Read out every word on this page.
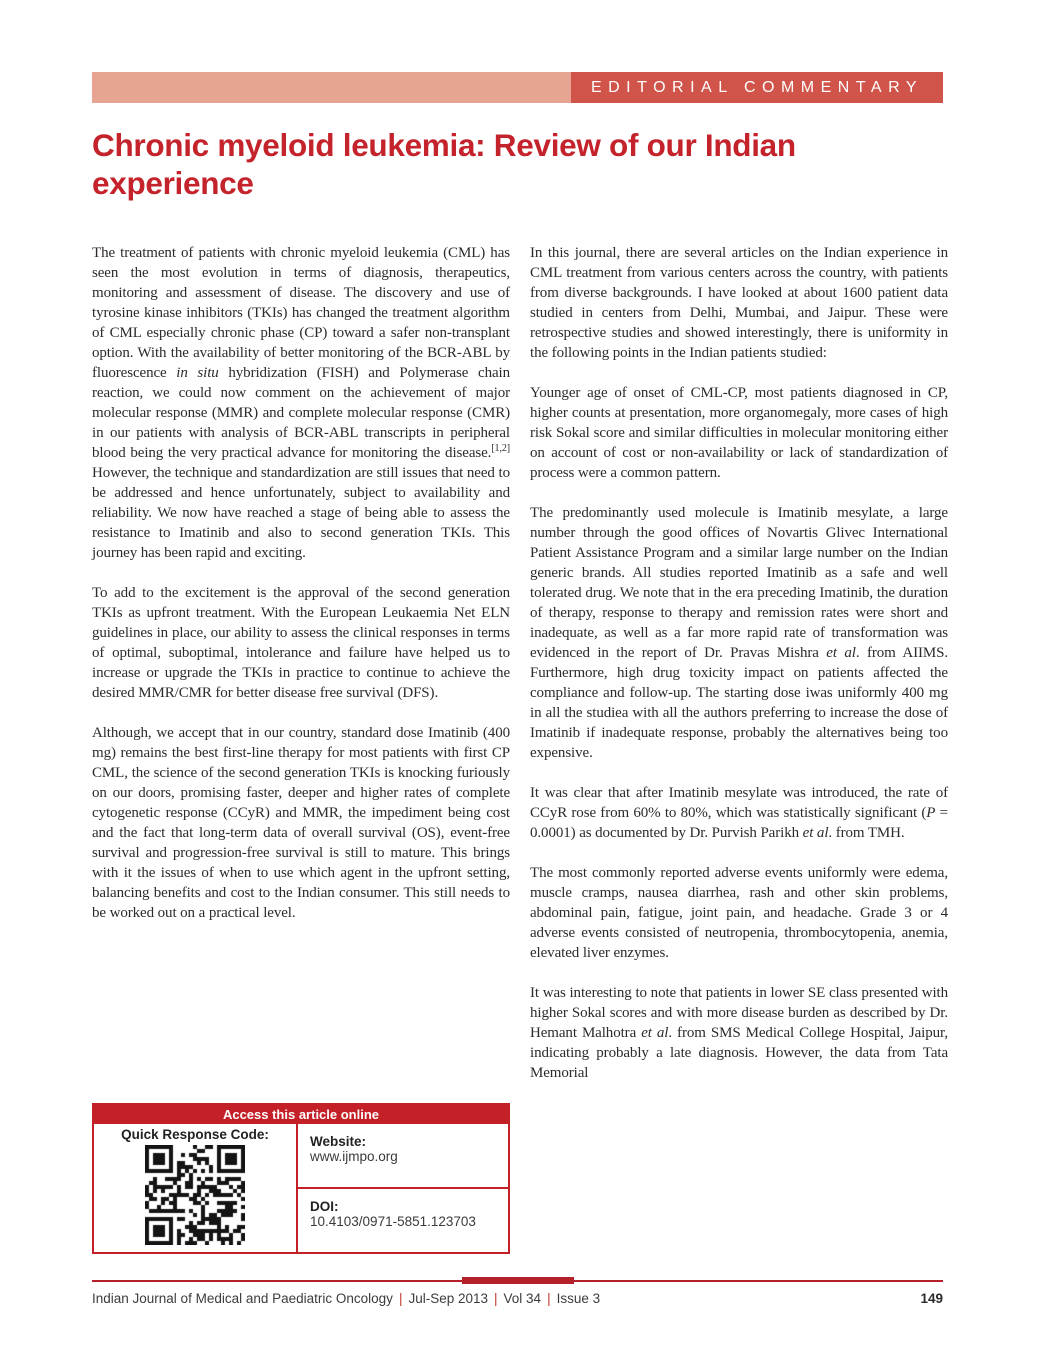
EDITORIAL COMMENTARY
Chronic myeloid leukemia: Review of our Indian experience

The treatment of patients with chronic myeloid leukemia (CML) has seen the most evolution in terms of diagnosis, therapeutics, monitoring and assessment of disease. The discovery and use of tyrosine kinase inhibitors (TKIs) has changed the treatment algorithm of CML especially chronic phase (CP) toward a safer non-transplant option. With the availability of better monitoring of the BCR-ABL by fluorescence in situ hybridization (FISH) and Polymerase chain reaction, we could now comment on the achievement of major molecular response (MMR) and complete molecular response (CMR) in our patients with analysis of BCR-ABL transcripts in peripheral blood being the very practical advance for monitoring the disease.[1,2] However, the technique and standardization are still issues that need to be addressed and hence unfortunately, subject to availability and reliability. We now have reached a stage of being able to assess the resistance to Imatinib and also to second generation TKIs. This journey has been rapid and exciting.

To add to the excitement is the approval of the second generation TKIs as upfront treatment. With the European Leukaemia Net ELN guidelines in place, our ability to assess the clinical responses in terms of optimal, suboptimal, intolerance and failure have helped us to increase or upgrade the TKIs in practice to continue to achieve the desired MMR/CMR for better disease free survival (DFS).

Although, we accept that in our country, standard dose Imatinib (400 mg) remains the best first-line therapy for most patients with first CP CML, the science of the second generation TKIs is knocking furiously on our doors, promising faster, deeper and higher rates of complete cytogenetic response (CCyR) and MMR, the impediment being cost and the fact that long-term data of overall survival (OS), event-free survival and progression-free survival is still to mature. This brings with it the issues of when to use which agent in the upfront setting, balancing benefits and cost to the Indian consumer. This still needs to be worked out on a practical level.

In this journal, there are several articles on the Indian experience in CML treatment from various centers across the country, with patients from diverse backgrounds. I have looked at about 1600 patient data studied in centers from Delhi, Mumbai, and Jaipur. These were retrospective studies and showed interestingly, there is uniformity in the following points in the Indian patients studied:

Younger age of onset of CML-CP, most patients diagnosed in CP, higher counts at presentation, more organomegaly, more cases of high risk Sokal score and similar difficulties in molecular monitoring either on account of cost or non-availability or lack of standardization of process were a common pattern.

The predominantly used molecule is Imatinib mesylate, a large number through the good offices of Novartis Glivec International Patient Assistance Program and a similar large number on the Indian generic brands. All studies reported Imatinib as a safe and well tolerated drug. We note that in the era preceding Imatinib, the duration of therapy, response to therapy and remission rates were short and inadequate, as well as a far more rapid rate of transformation was evidenced in the report of Dr. Pravas Mishra et al. from AIIMS. Furthermore, high drug toxicity impact on patients affected the compliance and follow-up. The starting dose iwas uniformly 400 mg in all the studiea with all the authors preferring to increase the dose of Imatinib if inadequate response, probably the alternatives being too expensive.

It was clear that after Imatinib mesylate was introduced, the rate of CCyR rose from 60% to 80%, which was statistically significant (P = 0.0001) as documented by Dr. Purvish Parikh et al. from TMH.

The most commonly reported adverse events uniformly were edema, muscle cramps, nausea diarrhea, rash and other skin problems, abdominal pain, fatigue, joint pain, and headache. Grade 3 or 4 adverse events consisted of neutropenia, thrombocytopenia, anemia, elevated liver enzymes.

It was interesting to note that patients in lower SE class presented with higher Sokal scores and with more disease burden as described by Dr. Hemant Malhotra et al. from SMS Medical College Hospital, Jaipur, indicating probably a late diagnosis. However, the data from Tata Memorial

Access this article online
Quick Response Code:	Website:
www.ijmpo.org
DOI:
10.4103/0971-5851.123703
Indian Journal of Medical and Paediatric Oncology | Jul-Sep 2013 | Vol 34 | Issue 3	149
